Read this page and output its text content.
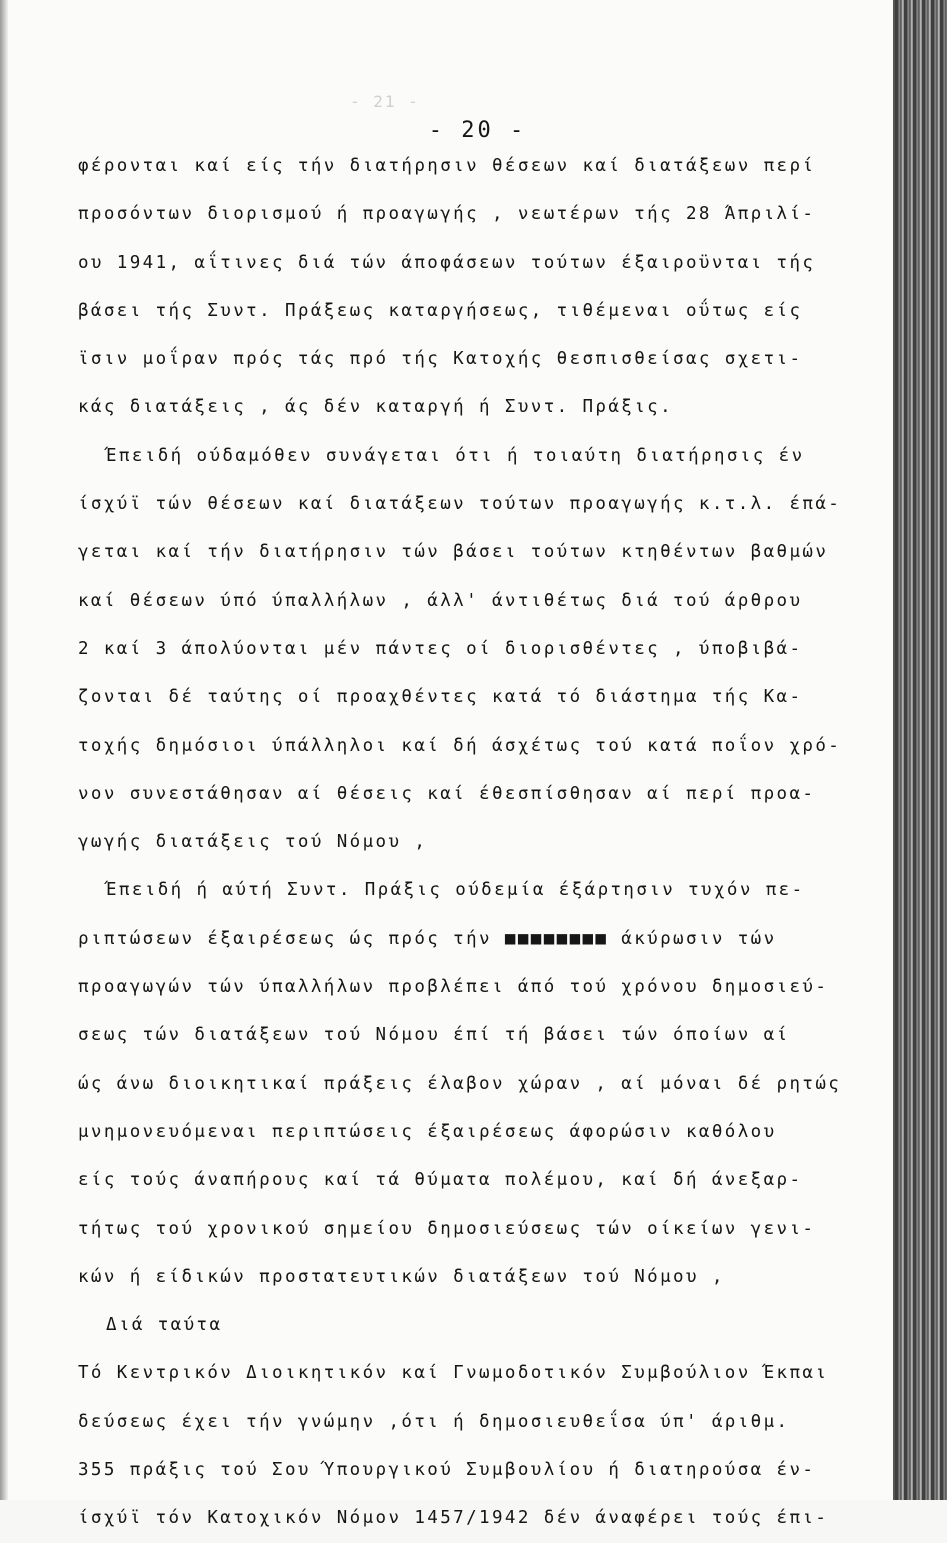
- 21 -
- 20 -
φέρονται καί είς τήν διατήρησιν θέσεων καί διατάξεων περί
προσόντων διορισμού ή προαγωγής , νεωτέρων τής 28 Άπριλί-
ου 1941, αΐτινες διά τών άποφάσεων τούτων έξαιροϋνται τής
βάσει τής Συντ. Πράξεως καταργήσεως, τιθέμεναι οΰτως είς
ϊσιν μοΐραν πρός τάς πρό τής Κατοχής θεσπισθείσας σχετι-
κάς διατάξεις , άς δέν καταργή ή Συντ. Πράξις.
Έπειδή ούδαμόθεν συνάγεται ότι ή τοιαύτη διατήρησις έν
ίσχύϊ τών θέσεων καί διατάξεων τούτων προαγωγής κ.τ.λ. έπά-
γεται καί τήν διατήρησιν τών βάσει τούτων κτηθέντων βαθμών
καί θέσεων ύπό ύπαλλήλων , άλλ' άντιθέτως διά τού άρθρου
2 καί 3 άπολύονται μέν πάντες οί διορισθέντες , ύποβιβά-
ζονται δέ ταύτης οί προαχθέντες κατά τό διάστημα τής Κα-
τοχής δημόσιοι ύπάλληλοι καί δή άσχέτως τού κατά ποΐον χρό-
νον συνεστάθησαν αί θέσεις καί έθεσπίσθησαν αί περί προα-
γωγής διατάξεις τού Νόμου ,
Έπειδή ή αύτή Συντ. Πράξις ούδεμία έξάρτησιν τυχόν πε-
ριπτώσεων έξαιρέσεως ώς πρός τήν ■■■■■■■■ άκύρωσιν τών
προαγωγών τών ύπαλλήλων προβλέπει άπό τού χρόνου δημοσιεύ-
σεως τών διατάξεων τού Νόμου έπί τή βάσει τών όποίων αί
ώς άνω διοικητικαί πράξεις έλαβον χώραν , αί μόναι δέ ρητώς
μνημονευόμεναι περιπτώσεις έξαιρέσεως άφορώσιν καθόλου
είς τούς άναπήρους καί τά θύματα πολέμου, καί δή άνεξαρ-
τήτως τού χρονικού σημείου δημοσιεύσεως τών οίκείων γενι-
κών ή είδικών προστατευτικών διατάξεων τού Νόμου ,
Διά ταύτα
Τό Κεντρικόν Διοικητικόν καί Γνωμοδοτικόν Συμβούλιον Έκπαι
δεύσεως έχει τήν γνώμην ,ότι ή δημοσιευθεΐσα ύπ' άριθμ.
355 πράξις τού Σου Ύπουργικού Συμβουλίου ή διατηρούσα έν-
ίσχύϊ τόν Κατοχικόν Νόμον 1457/1942 δέν άναφέρει τούς έπι-
